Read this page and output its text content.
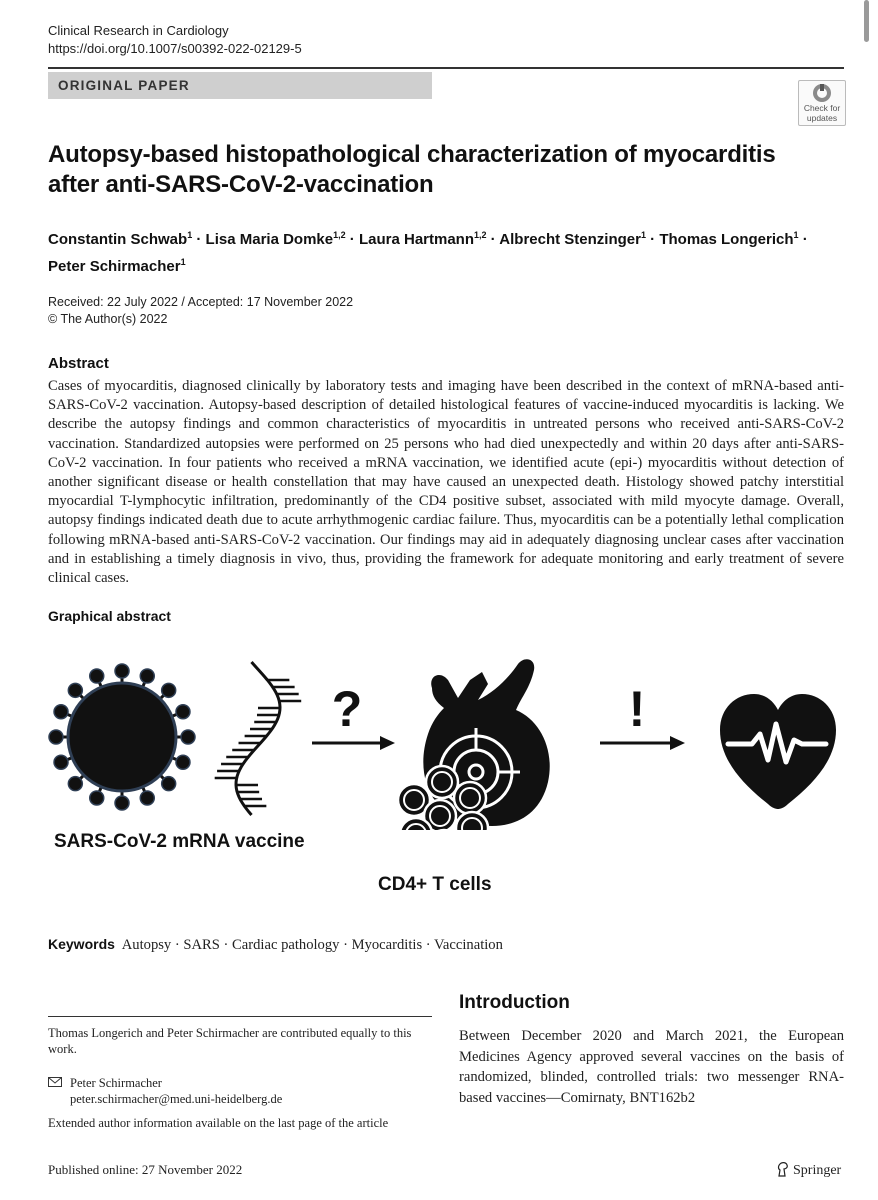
Clinical Research in Cardiology
https://doi.org/10.1007/s00392-022-02129-5
ORIGINAL PAPER
Check for
updates
Autopsy-based histopathological characterization of myocarditis
after anti-SARS-CoV-2-vaccination
Constantin Schwab$^1$ · Lisa Maria Domke$^{1,2}$ · Laura Hartmann$^{1,2}$ · Albrecht Stenzinger$^1$ · Thomas Longerich$^1$ ·
Peter Schirmacher$^1$
Received: 22 July 2022 / Accepted: 17 November 2022
© The Author(s) 2022
Abstract
Cases of myocarditis, diagnosed clinically by laboratory tests and imaging have been described in the context of mRNA-based anti-SARS-CoV-2 vaccination. Autopsy-based description of detailed histological features of vaccine-induced myocarditis is lacking. We describe the autopsy findings and common characteristics of myocarditis in untreated persons who received anti-SARS-CoV-2 vaccination. Standardized autopsies were performed on 25 persons who had died unexpectedly and within 20 days after anti-SARS-CoV-2 vaccination. In four patients who received a mRNA vaccination, we identified acute (epi-) myocarditis without detection of another significant disease or health constellation that may have caused an unexpected death. Histology showed patchy interstitial myocardial T-lymphocytic infiltration, predominantly of the CD4 positive subset, associated with mild myocyte damage. Overall, autopsy findings indicated death due to acute arrhythmogenic cardiac failure. Thus, myocarditis can be a potentially lethal complication following mRNA-based anti-SARS-CoV-2 vaccination. Our findings may aid in adequately diagnosing unclear cases after vaccination and in establishing a timely diagnosis in vivo, thus, providing the framework for adequate monitoring and early treatment of severe clinical cases.
Graphical abstract
?	!
SARS-CoV-2 mRNA vaccine
CD4+ T cells
Keywords Autopsy · SARS · Cardiac pathology · Myocarditis · Vaccination
Thomas Longerich and Peter Schirmacher are contributed equally to this work.
Peter Schirmacher
peter.schirmacher@med.uni-heidelberg.de
Extended author information available on the last page of the article
Introduction
Between December 2020 and March 2021, the European Medicines Agency approved several vaccines on the basis of randomized, blinded, controlled trials: two messenger RNA-based vaccines—Comirnaty, BNT162b2
Published online: 27 November 2022	Springer
